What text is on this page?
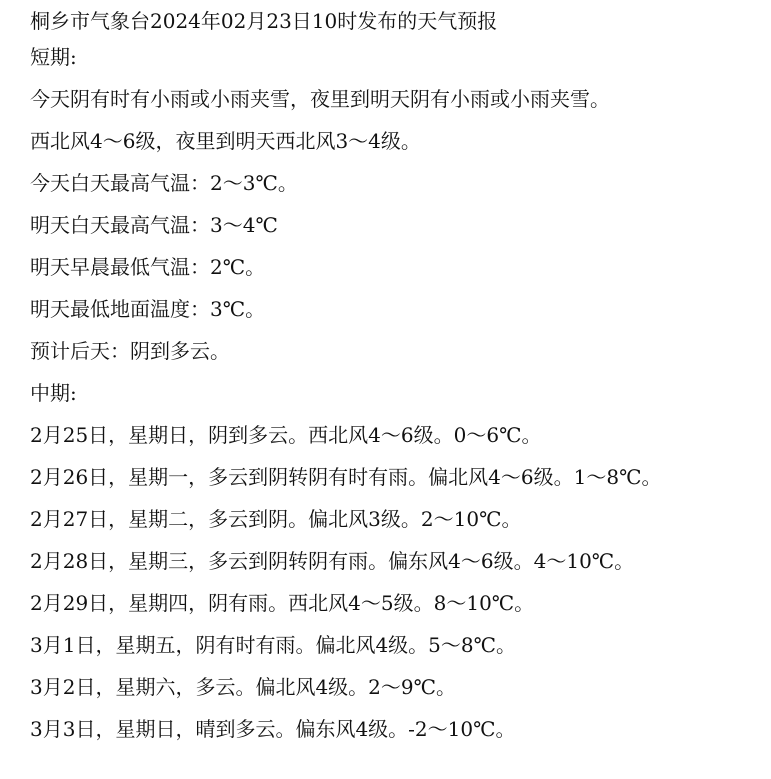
桐乡市气象台2024年02月23日10时发布的天气预报
短期:
今天阴有时有小雨或小雨夹雪，夜里到明天阴有小雨或小雨夹雪。
西北风4～6级，夜里到明天西北风3～4级。
今天白天最高气温：2～3℃。
明天白天最高气温：3～4℃
明天早晨最低气温：2℃。
明天最低地面温度：3℃。
预计后天：阴到多云。
中期:
2月25日，星期日，阴到多云。西北风4～6级。0～6℃。
2月26日，星期一，多云到阴转阴有时有雨。偏北风4～6级。1～8℃。
2月27日，星期二，多云到阴。偏北风3级。2～10℃。
2月28日，星期三，多云到阴转阴有雨。偏东风4～6级。4～10℃。
2月29日，星期四，阴有雨。西北风4～5级。8～10℃。
3月1日，星期五，阴有时有雨。偏北风4级。5～8℃。
3月2日，星期六，多云。偏北风4级。2～9℃。
3月3日，星期日，晴到多云。偏东风4级。-2～10℃。
